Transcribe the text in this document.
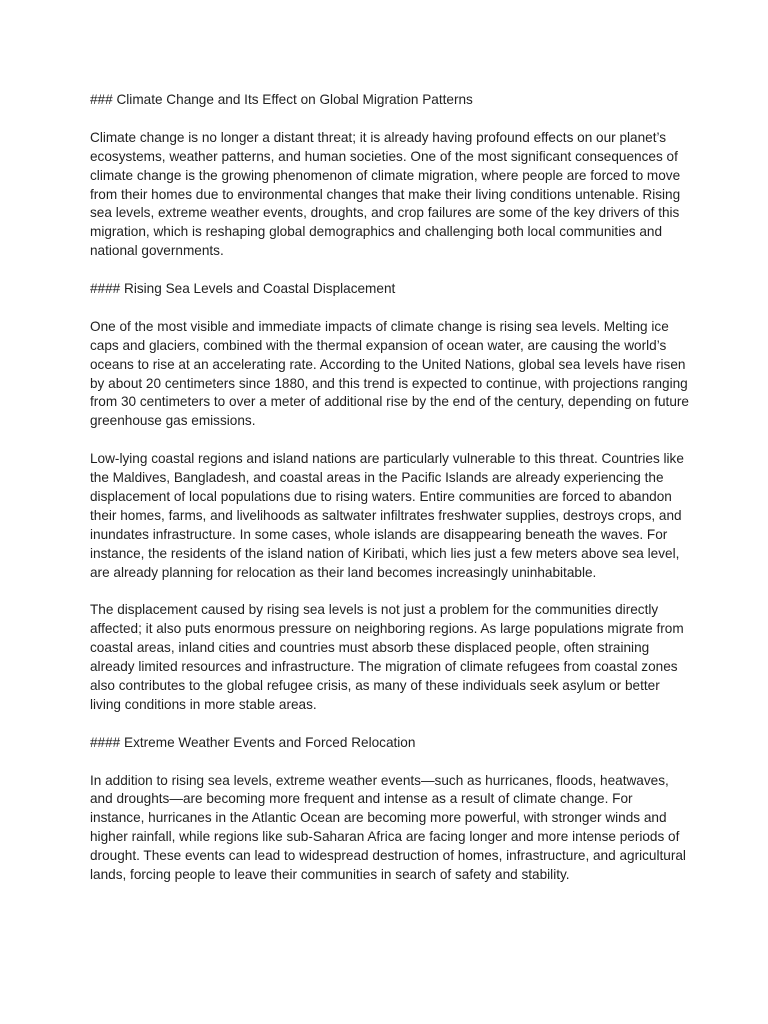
### Climate Change and Its Effect on Global Migration Patterns

Climate change is no longer a distant threat; it is already having profound effects on our planet’s ecosystems, weather patterns, and human societies. One of the most significant consequences of climate change is the growing phenomenon of climate migration, where people are forced to move from their homes due to environmental changes that make their living conditions untenable. Rising sea levels, extreme weather events, droughts, and crop failures are some of the key drivers of this migration, which is reshaping global demographics and challenging both local communities and national governments.

#### Rising Sea Levels and Coastal Displacement

One of the most visible and immediate impacts of climate change is rising sea levels. Melting ice caps and glaciers, combined with the thermal expansion of ocean water, are causing the world’s oceans to rise at an accelerating rate. According to the United Nations, global sea levels have risen by about 20 centimeters since 1880, and this trend is expected to continue, with projections ranging from 30 centimeters to over a meter of additional rise by the end of the century, depending on future greenhouse gas emissions.

Low-lying coastal regions and island nations are particularly vulnerable to this threat. Countries like the Maldives, Bangladesh, and coastal areas in the Pacific Islands are already experiencing the displacement of local populations due to rising waters. Entire communities are forced to abandon their homes, farms, and livelihoods as saltwater infiltrates freshwater supplies, destroys crops, and inundates infrastructure. In some cases, whole islands are disappearing beneath the waves. For instance, the residents of the island nation of Kiribati, which lies just a few meters above sea level, are already planning for relocation as their land becomes increasingly uninhabitable.

The displacement caused by rising sea levels is not just a problem for the communities directly affected; it also puts enormous pressure on neighboring regions. As large populations migrate from coastal areas, inland cities and countries must absorb these displaced people, often straining already limited resources and infrastructure. The migration of climate refugees from coastal zones also contributes to the global refugee crisis, as many of these individuals seek asylum or better living conditions in more stable areas.

#### Extreme Weather Events and Forced Relocation

In addition to rising sea levels, extreme weather events—such as hurricanes, floods, heatwaves, and droughts—are becoming more frequent and intense as a result of climate change. For instance, hurricanes in the Atlantic Ocean are becoming more powerful, with stronger winds and higher rainfall, while regions like sub-Saharan Africa are facing longer and more intense periods of drought. These events can lead to widespread destruction of homes, infrastructure, and agricultural lands, forcing people to leave their communities in search of safety and stability.
